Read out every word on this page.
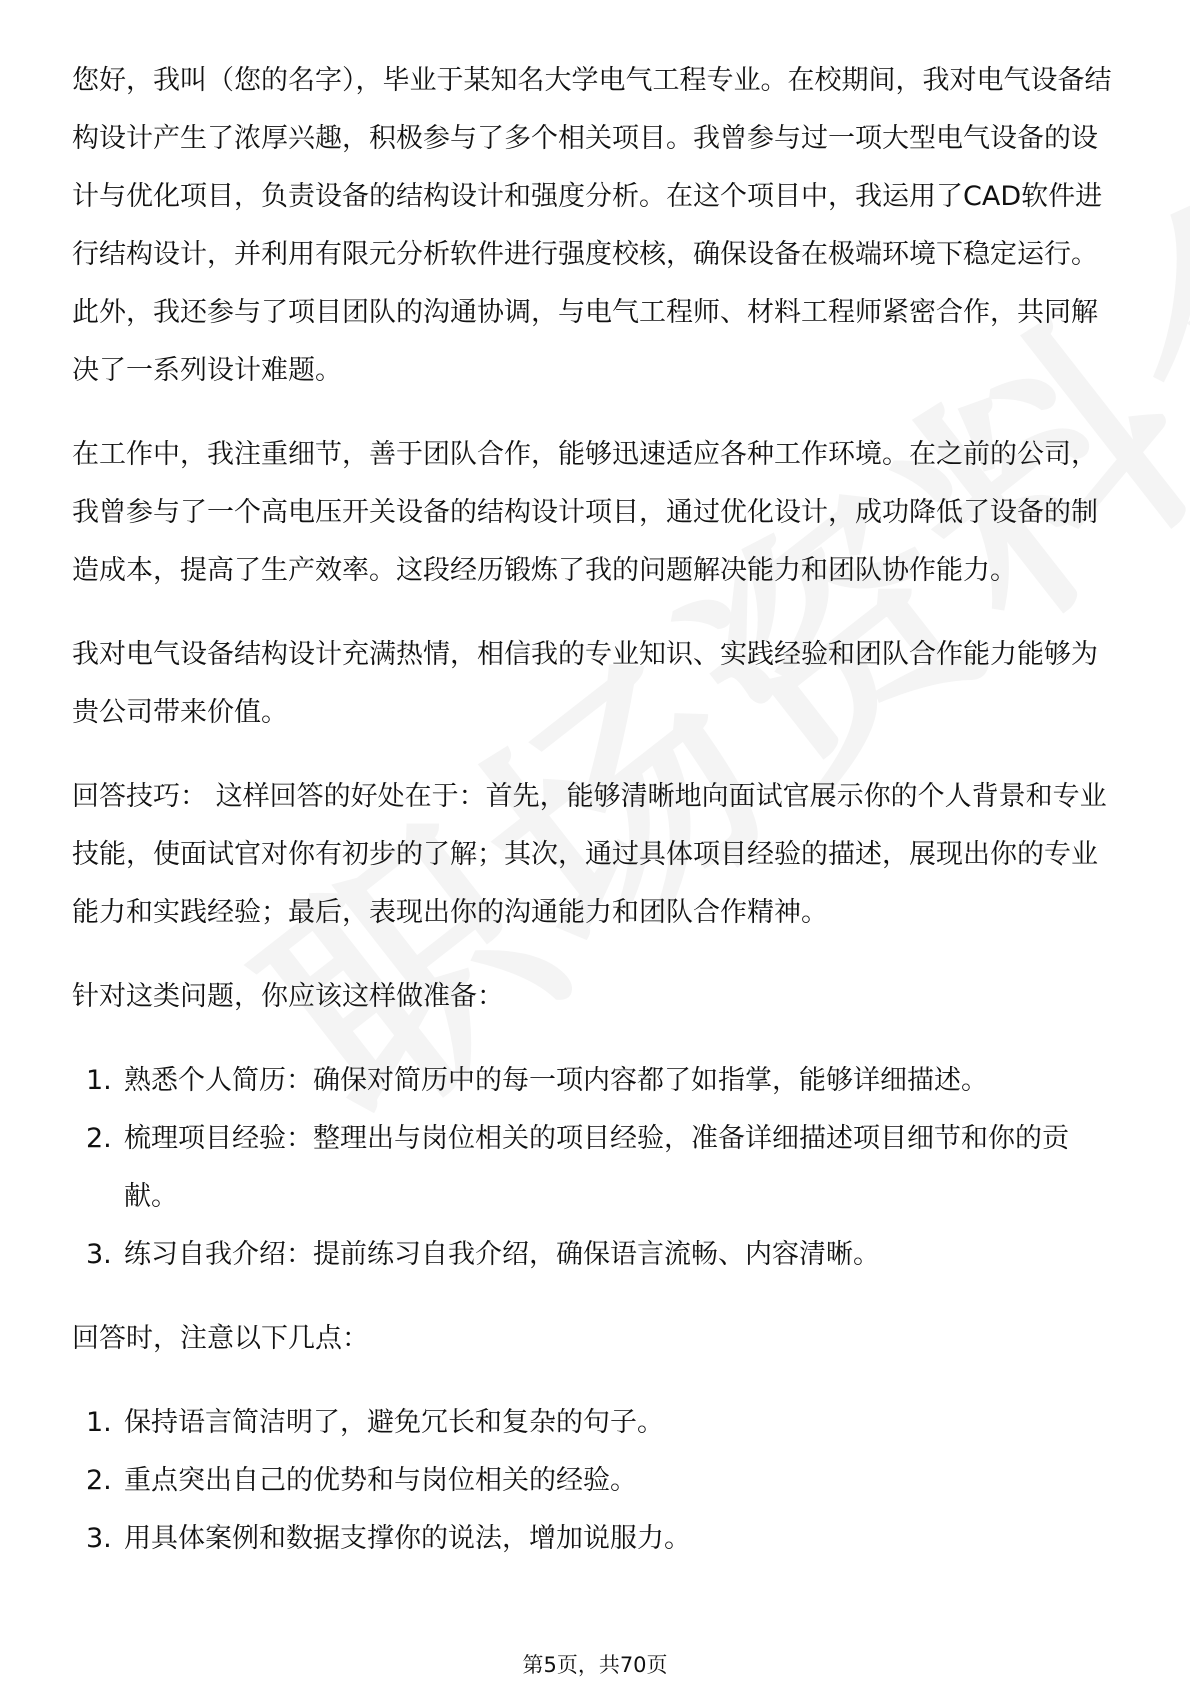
您好，我叫（您的名字），毕业于某知名大学电气工程专业。在校期间，我对电气设备结构设计产生了浓厚兴趣，积极参与了多个相关项目。我曾参与过一项大型电气设备的设计与优化项目，负责设备的结构设计和强度分析。在这个项目中，我运用了CAD软件进行结构设计，并利用有限元分析软件进行强度校核，确保设备在极端环境下稳定运行。此外，我还参与了项目团队的沟通协调，与电气工程师、材料工程师紧密合作，共同解决了一系列设计难题。

在工作中，我注重细节，善于团队合作，能够迅速适应各种工作环境。在之前的公司，我曾参与了一个高电压开关设备的结构设计项目，通过优化设计，成功降低了设备的制造成本，提高了生产效率。这段经历锻炼了我的问题解决能力和团队协作能力。

我对电气设备结构设计充满热情，相信我的专业知识、实践经验和团队合作能力能够为贵公司带来价值。

回答技巧： 这样回答的好处在于：首先，能够清晰地向面试官展示你的个人背景和专业技能，使面试官对你有初步的了解；其次，通过具体项目经验的描述，展现出你的专业能力和实践经验；最后，表现出你的沟通能力和团队合作精神。

针对这类问题，你应该这样做准备：

1. 熟悉个人简历：确保对简历中的每一项内容都了如指掌，能够详细描述。
2. 梳理项目经验：整理出与岗位相关的项目经验，准备详细描述项目细节和你的贡献。
3. 练习自我介绍：提前练习自我介绍，确保语言流畅、内容清晰。

回答时，注意以下几点：

1. 保持语言简洁明了，避免冗长和复杂的句子。
2. 重点突出自己的优势和与岗位相关的经验。
3. 用具体案例和数据支撑你的说法，增加说服力。
第5页，共70页
